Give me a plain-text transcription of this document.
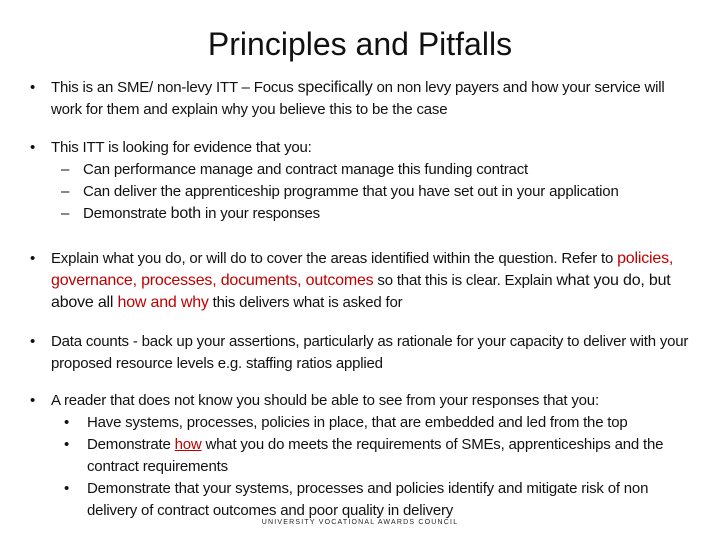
Principles and Pitfalls
•	This is an SME/ non-levy ITT – Focus specifically on non levy payers and how your service will work for them and explain why you believe this to be the case
•	This ITT is looking for evidence that you:
– Can performance manage and contract manage this funding contract
– Can deliver the apprenticeship programme that you have set out in your application
– Demonstrate both in your responses
•	Explain what you do, or will do to cover the areas identified within the question. Refer to policies, governance, processes, documents, outcomes so that this is clear. Explain what you do, but above all how and why this delivers what is asked for
•	Data counts - back up your assertions, particularly as rationale for your capacity to deliver with your proposed resource levels e.g. staffing ratios applied
•	A reader that does not know you should be able to see from your responses that you:
• Have systems, processes, policies in place, that are embedded and led from the top
• Demonstrate how what you do meets the requirements of SMEs, apprenticeships and the contract requirements
• Demonstrate that your systems, processes and policies identify and mitigate risk of non delivery of contract outcomes and poor quality in delivery
UNIVERSITY VOCATIONAL AWARDS COUNCIL
